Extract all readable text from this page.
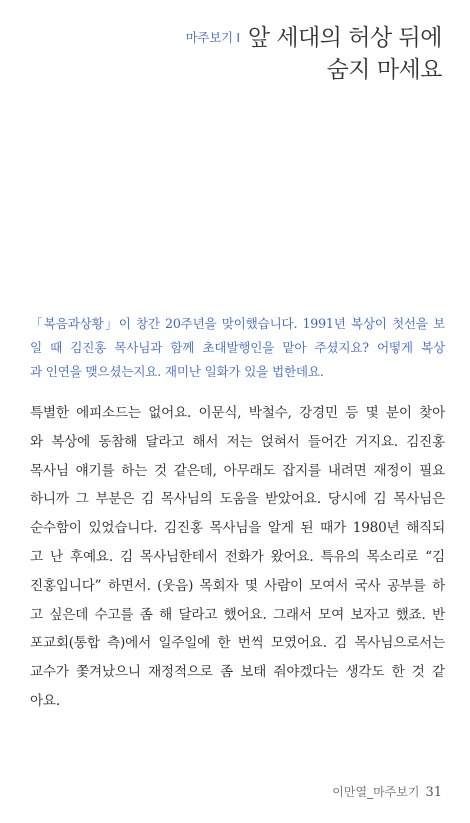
마주보기 I 앞 세대의 허상 뒤에
숨지 마세요
「복음과상황」이 창간 20주년을 맞이했습니다. 1991년 복상이 첫선을 보
일 때 김진홍 목사님과 함께 초대발행인을 맡아 주셨지요? 어떻게 복상
과 인연을 맺으셨는지요. 재미난 일화가 있을 법한데요.
특별한 에피소드는 없어요. 이문식, 박철수, 강경민 등 몇 분이 찾아
와 복상에 동참해 달라고 해서 저는 얹혀서 들어간 거지요. 김진홍
목사님 얘기를 하는 것 같은데, 아무래도 잡지를 내려면 재정이 필요
하니까 그 부분은 김 목사님의 도움을 받았어요. 당시에 김 목사님은
순수함이 있었습니다. 김진홍 목사님을 알게 된 때가 1980년 해직되
고 난 후예요. 김 목사님한테서 전화가 왔어요. 특유의 목소리로 “김
진홍입니다” 하면서. (웃음) 목회자 몇 사람이 모여서 국사 공부를 하
고 싶은데 수고를 좀 해 달라고 했어요. 그래서 모여 보자고 했죠. 반
포교회(통합 측)에서 일주일에 한 번씩 모였어요. 김 목사님으로서는
교수가 쫓겨났으니 재정적으로 좀 보태 줘야겠다는 생각도 한 것 같
아요.
이만열_마주보기 31
